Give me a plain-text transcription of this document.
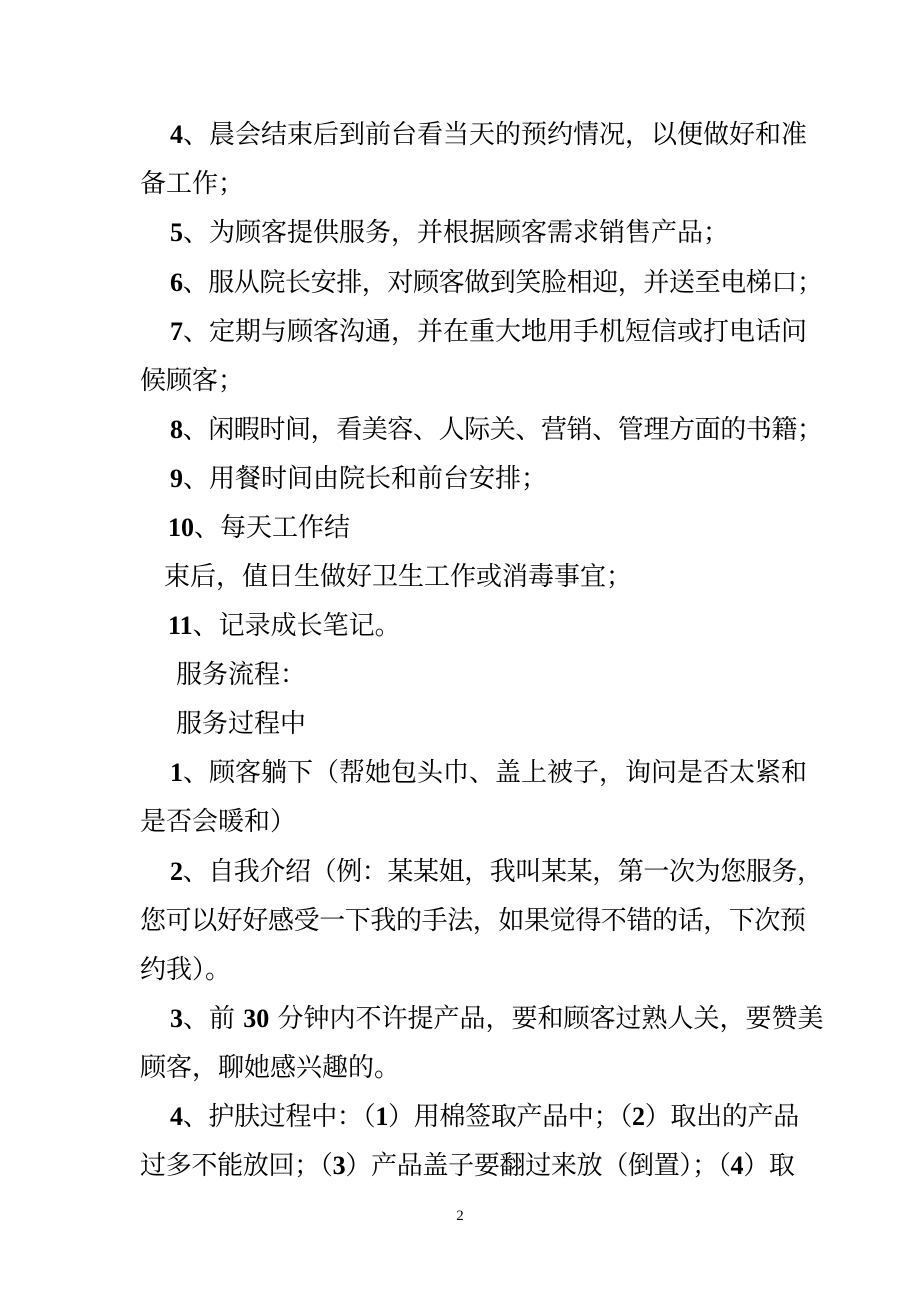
4、晨会结束后到前台看当天的预约情况，以便做好和准
备工作；
5、为顾客提供服务，并根据顾客需求销售产品；
6、服从院长安排，对顾客做到笑脸相迎，并送至电梯口；
7、定期与顾客沟通，并在重大地用手机短信或打电话问
候顾客；
8、闲暇时间，看美容、人际关、营销、管理方面的书籍；
9、用餐时间由院长和前台安排；
10、每天工作结
束后，值日生做好卫生工作或消毒事宜；
11、记录成长笔记。
服务流程：
服务过程中
1、顾客躺下（帮她包头巾、盖上被子，询问是否太紧和
是否会暖和）
2、自我介绍（例：某某姐，我叫某某，第一次为您服务，
您可以好好感受一下我的手法，如果觉得不错的话，下次预
约我）。
3、前 30 分钟内不许提产品，要和顾客过熟人关，要赞美
顾客，聊她感兴趣的。
4、护肤过程中：（1）用棉签取产品中；（2）取出的产品
过多不能放回；（3）产品盖子要翻过来放（倒置）；（4）取
2
